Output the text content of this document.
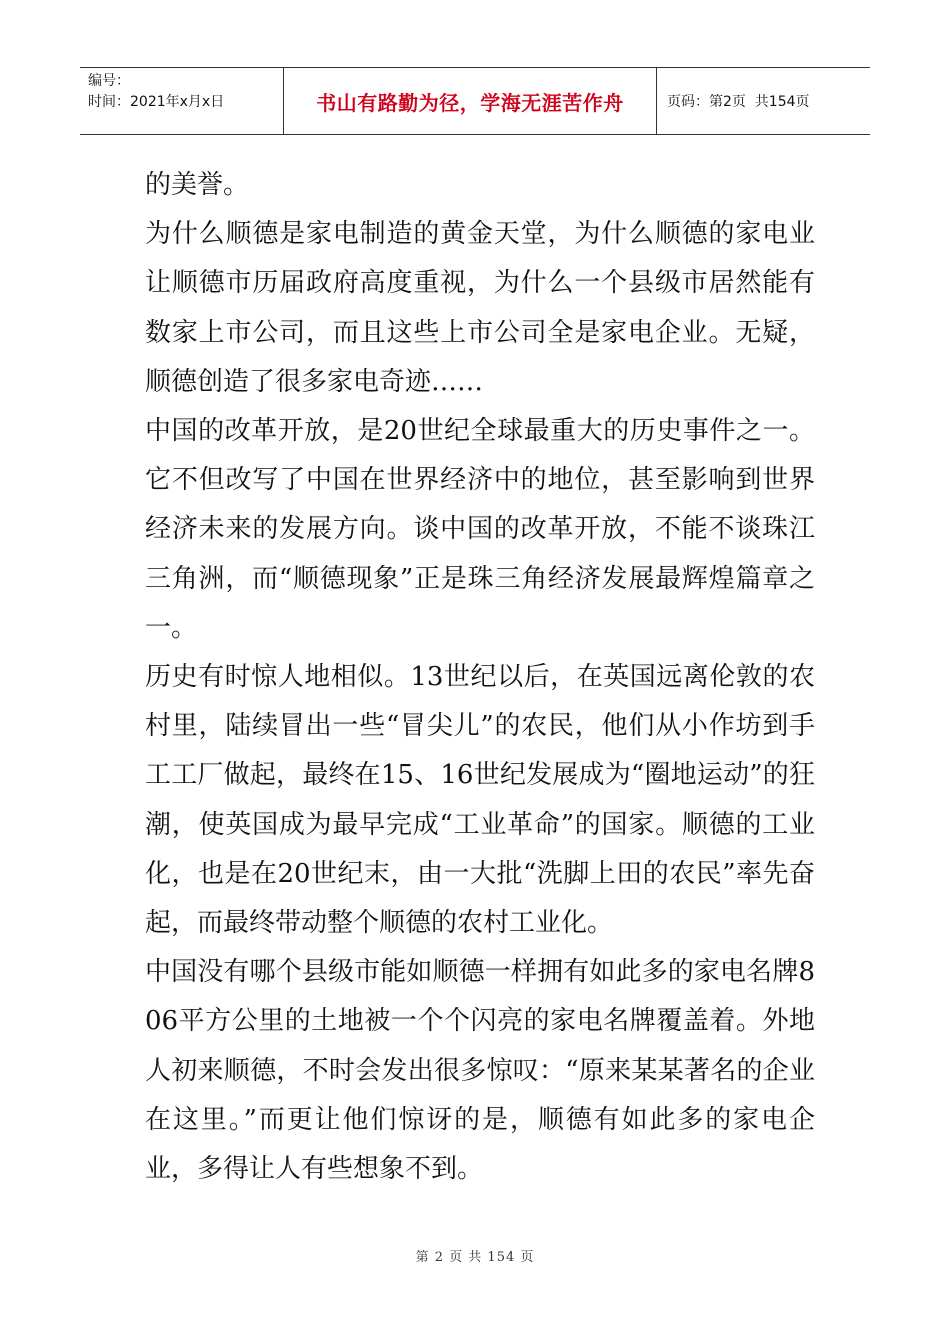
编号：
时间：2021年x月x日	书山有路勤为径，学海无涯苦作舟	页码：第2页  共154页

的美誉。

为什么顺德是家电制造的黄金天堂，为什么顺德的家电业让顺德市历届政府高度重视，为什么一个县级市居然能有数家上市公司，而且这些上市公司全是家电企业。无疑，顺德创造了很多家电奇迹……

中国的改革开放，是20世纪全球最重大的历史事件之一。它不但改写了中国在世界经济中的地位，甚至影响到世界经济未来的发展方向。谈中国的改革开放，不能不谈珠江三角洲，而“顺德现象”正是珠三角经济发展最辉煌篇章之一。

历史有时惊人地相似。13世纪以后，在英国远离伦敦的农村里，陆续冒出一些“冒尖儿”的农民，他们从小作坊到手工工厂做起，最终在15、16世纪发展成为“圈地运动”的狂潮，使英国成为最早完成“工业革命”的国家。顺德的工业化，也是在20世纪末，由一大批“洗脚上田的农民”率先奋起，而最终带动整个顺德的农村工业化。

中国没有哪个县级市能如顺德一样拥有如此多的家电名牌806平方公里的土地被一个个闪亮的家电名牌覆盖着。外地人初来顺德，不时会发出很多惊叹：“原来某某著名的企业在这里。”而更让他们惊讶的是，顺德有如此多的家电企业，多得让人有些想象不到。

第 2 页 共 154 页
